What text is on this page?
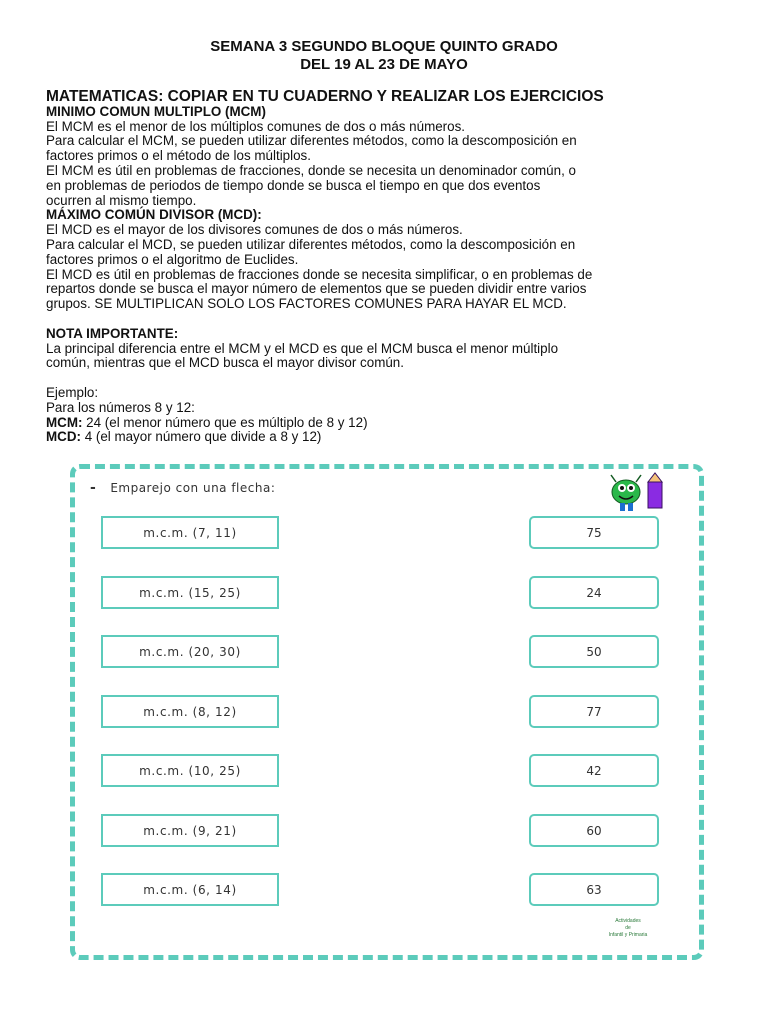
SEMANA 3 SEGUNDO BLOQUE QUINTO GRADO
DEL 19 AL 23 DE MAYO

MATEMATICAS: COPIAR EN TU CUADERNO Y REALIZAR LOS EJERCICIOS

MINIMO COMUN MULTIPLO (MCM)

El MCM es el menor de los múltiplos comunes de dos o más números.

Para calcular el MCM, se pueden utilizar diferentes métodos, como la descomposición en

factores primos o el método de los múltiplos.

El MCM es útil en problemas de fracciones, donde se necesita un denominador común, o

en problemas de periodos de tiempo donde se busca el tiempo en que dos eventos

ocurren al mismo tiempo.

MÁXIMO COMÚN DIVISOR (MCD):

El MCD es el mayor de los divisores comunes de dos o más números.

Para calcular el MCD, se pueden utilizar diferentes métodos, como la descomposición en

factores primos o el algoritmo de Euclides.

El MCD es útil en problemas de fracciones donde se necesita simplificar, o en problemas de

repartos donde se busca el mayor número de elementos que se pueden dividir entre varios

grupos. SE MULTIPLICAN SOLO LOS FACTORES COMUNES PARA HAYAR EL MCD.

NOTA IMPORTANTE:

La principal diferencia entre el MCM y el MCD es que el MCM busca el menor múltiplo

común, mientras que el MCD busca el mayor divisor común.

Ejemplo:

Para los números 8 y 12:

MCM: 24 (el menor número que es múltiplo de 8 y 12)

MCD: 4 (el mayor número que divide a 8 y 12)

- Emparejo con una flecha:
m.c.m. (7, 11)
m.c.m. (15, 25)
m.c.m. (20, 30)
m.c.m. (8, 12)
m.c.m. (10, 25)
m.c.m. (9, 21)
m.c.m. (6, 14)
75
24
50
77
42
60
63
Actividades
de
Infantil y Primaria
